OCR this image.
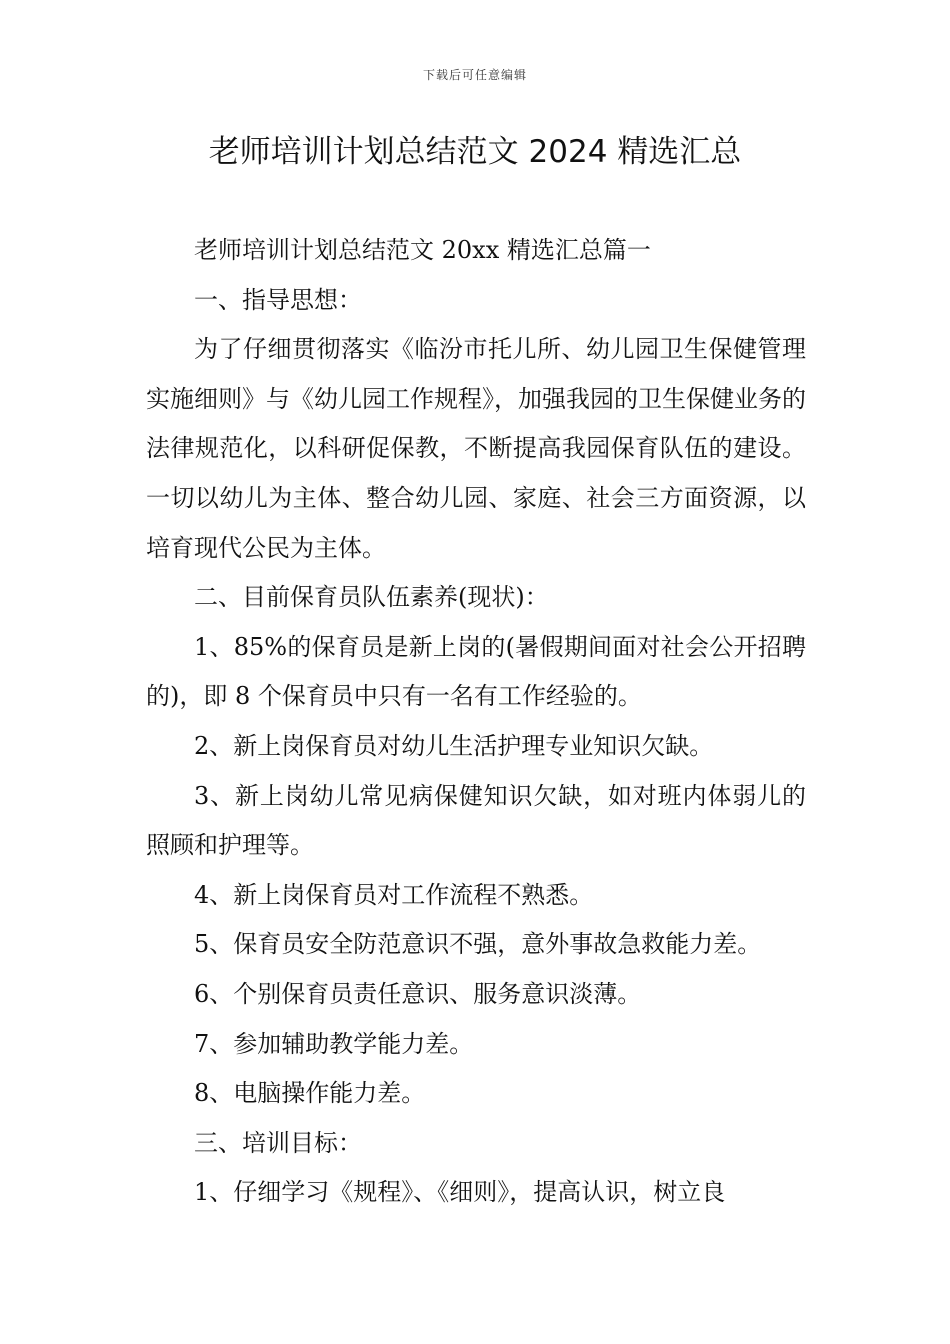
下载后可任意编辑
老师培训计划总结范文 2024 精选汇总

老师培训计划总结范文 20xx 精选汇总篇一

一、指导思想：

为了仔细贯彻落实《临汾市托儿所、幼儿园卫生保健管理实施细则》与《幼儿园工作规程》，加强我园的卫生保健业务的法律规范化，以科研促保教，不断提高我园保育队伍的建设。一切以幼儿为主体、整合幼儿园、家庭、社会三方面资源，以培育现代公民为主体。

二、目前保育员队伍素养(现状)：

1、85%的保育员是新上岗的(暑假期间面对社会公开招聘的)，即 8 个保育员中只有一名有工作经验的。

2、新上岗保育员对幼儿生活护理专业知识欠缺。

3、新上岗幼儿常见病保健知识欠缺，如对班内体弱儿的照顾和护理等。

4、新上岗保育员对工作流程不熟悉。

5、保育员安全防范意识不强，意外事故急救能力差。

6、个别保育员责任意识、服务意识淡薄。

7、参加辅助教学能力差。

8、电脑操作能力差。

三、培训目标：

1、仔细学习《规程》、《细则》，提高认识，树立良
